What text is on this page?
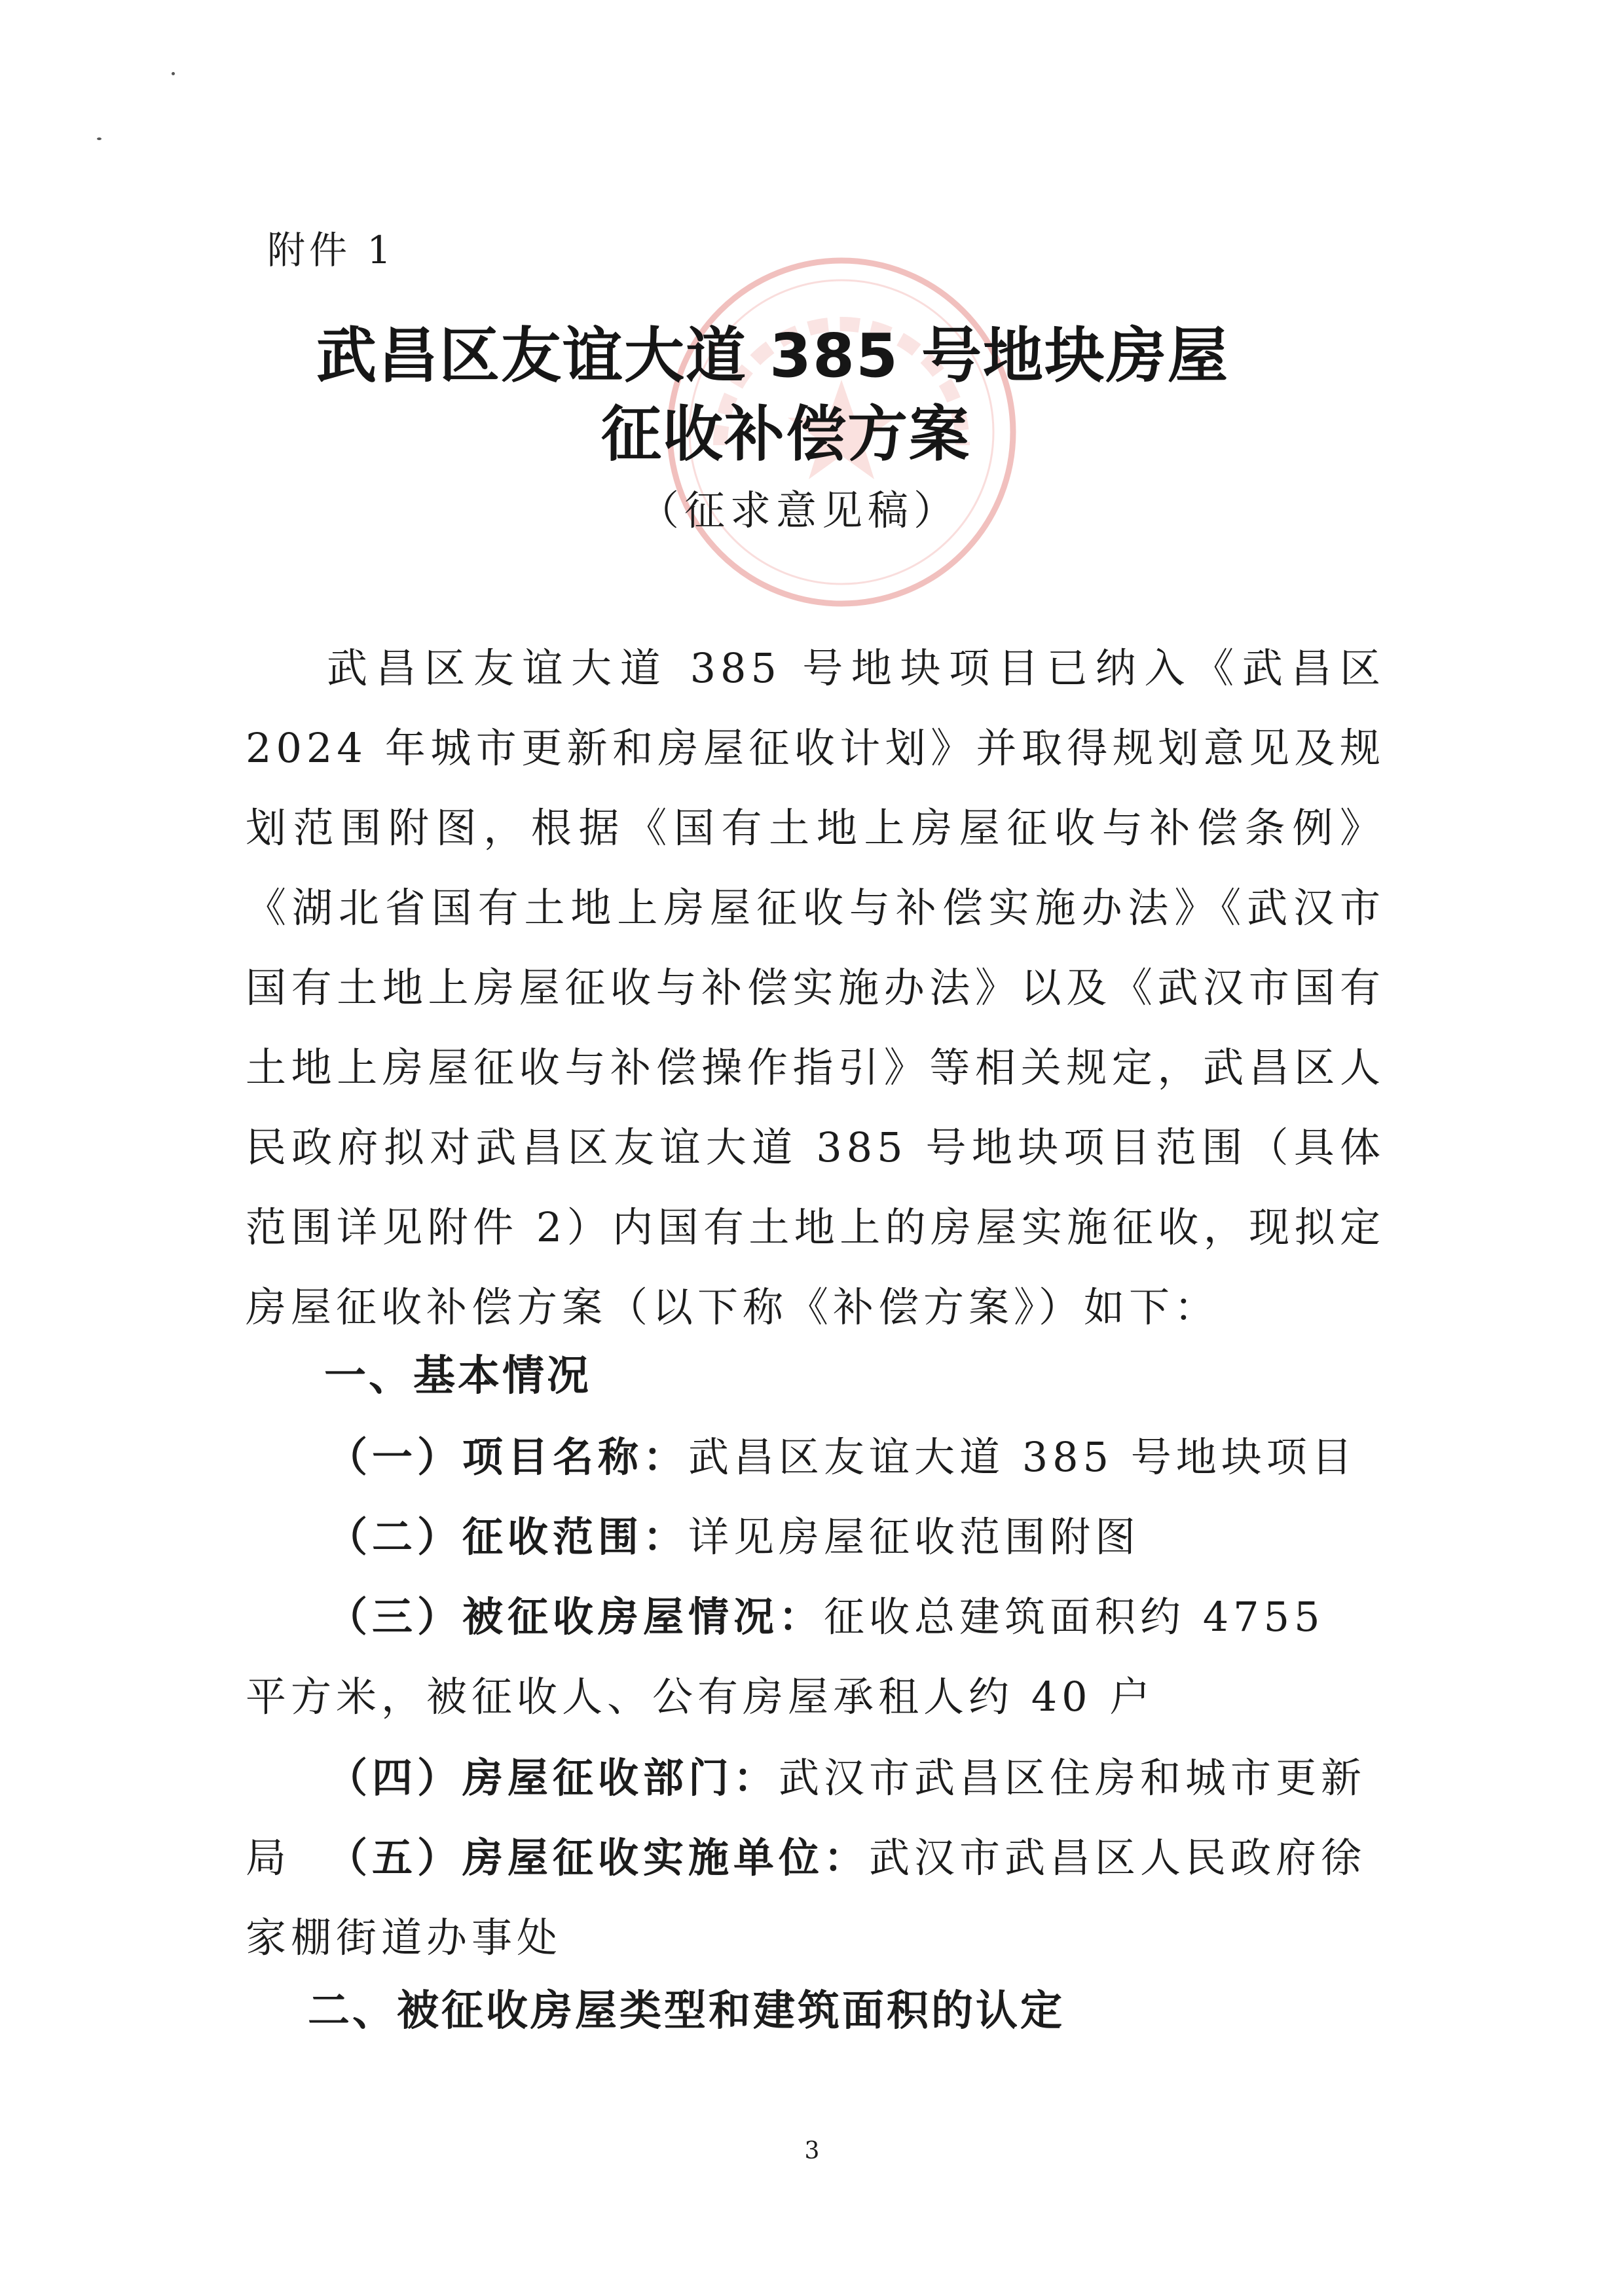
附件 1
武昌区友谊大道 385 号地块房屋
征收补偿方案
（征求意见稿）

武昌区友谊大道 385 号地块项目已纳入《武昌区 2024 年城市更新和房屋征收计划》并取得规划意见及规划范围附图，根据《国有土地上房屋征收与补偿条例》《湖北省国有土地上房屋征收与补偿实施办法》《武汉市国有土地上房屋征收与补偿实施办法》以及《武汉市国有土地上房屋征收与补偿操作指引》等相关规定，武昌区人民政府拟对武昌区友谊大道 385 号地块项目范围（具体范围详见附件 2）内国有土地上的房屋实施征收，现拟定房屋征收补偿方案（以下称《补偿方案》）如下：

一、基本情况
（一）项目名称：武昌区友谊大道 385 号地块项目
（二）征收范围：详见房屋征收范围附图
（三）被征收房屋情况：征收总建筑面积约 4755 平方米，被征收人、公有房屋承租人约 40 户
（四）房屋征收部门：武汉市武昌区住房和城市更新局 （五）房屋征收实施单位：武汉市武昌区人民政府徐家棚街道办事处
二、被征收房屋类型和建筑面积的认定
3
